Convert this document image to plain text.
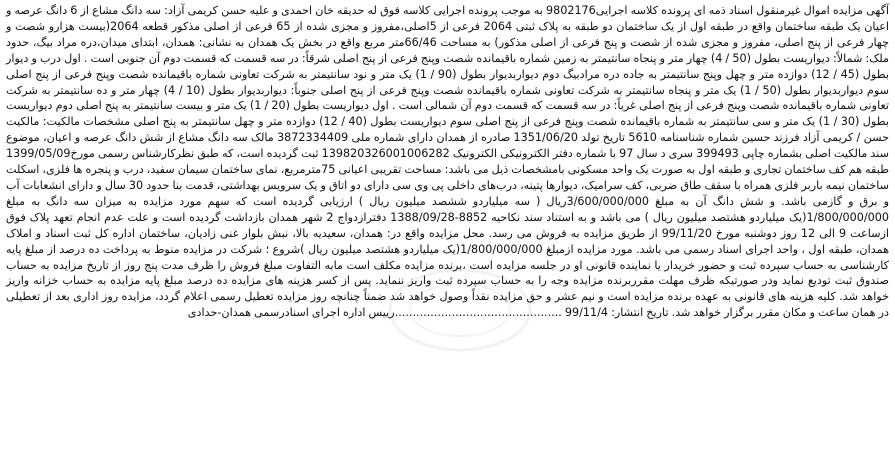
آگهی مزایده اموال غیرمنقول اسناد ذمه ای پرونده کلاسه اجرایی9802176 به موجب پرونده اجرایی کلاسه فوق له حدیقه خان احمدی و علیه حسن کریمی آزاد: سه دانگ مشاع از 6 دانگ عرصه و اعیان یک طبقه ساختمان واقع در طبقه اول از یک ساختمان دو طبقه به پلاک ثبتی 2064 فرعی از 5اصلی،مفروز و مجزی شده از 65 فرعی از اصلی مذکور قطعه 2064(بیست هزارو شصت و چهار فرعی از پنج اصلی، مفروز و مجزی شده از شصت و پنج فرعی از اصلی مذکور) به مساحت 66/46متر مربع واقع در بخش یک همدان به نشانی: همدان، ابتدای میدان،دره مراد بیگ، حدود ملک: شمالاً: دیواریست بطول (50 / 4) چهار متر و پنجاه سانتیمتر به زمین شماره باقیمانده شصت وپنج فرعی از پنج اصلی شرقاً: در سه قسمت که قسمت دوم آن جنوبی است . اول درب و دیوار بطول (45 / 12) دوازده متر و چهل وپنج سانتیمتر به جاده دره مرادبیگ دوم دیواربدیوار بطول (90 / 1) یک متر و نود سانتیمتر به شرکت تعاونی شماره باقیمانده شصت وپنج فرعی از پنج اصلی سوم دیواربدیوار بطول (50 / 1) یک متر و پنجاه سانتیمتر به شرکت تعاونی شماره باقیمانده شصت وپنج فرعی از پنج اصلی جنوباً: دیواربدیوار بطول (10 / 4) چهار متر و ده سانتیمتر به شرکت تعاونی شماره باقیمانده شصت وپنج فرعی از پنج اصلی غرباً: در سه قسمت که قسمت دوم آن شمالی است . اول دیواریست بطول (20 / 1) یک متر و بیست سانتیمتر به پنج اصلی دوم دیواریست بطول (30 / 1) یک متر و سی سانتیمتر به شماره باقیمانده شصت وپنج فرعی از پنج اصلی سوم دیواریست بطول (40 / 12) دوازده متر و چهل سانتیمتر به پنج اصلی مشخصات مالکیت: مالکیت حسن / کریمی آزاد فرزند حسین شماره شناسنامه 5610 تاریخ تولد 1351/06/20 صادره از همدان دارای شماره ملی 3872334409 مالک سه دانگ مشاع از شش دانگ عرصه و اعیان، موضوع سند مالکیت اصلی بشماره چاپی 399493 سری د سال 97 با شماره دفتر الکترونیکی الکترونیک 139820326001006282 ثبت گردیده است، که طبق نظرکارشناس رسمی مورخ1399/05/09 طبقه هم کف ساختمان تجاری و طبقه اول به صورت یک واحد مسکونی بامشخصات ذیل می باشد: مساحت تقریبی اعیانی 75مترمربع، نمای ساختمان سیمان سفید، درب و پنجره ها فلزی، اسکلت ساختمان نیمه باربر فلزی همراه با سقف طاق ضربی، کف سرامیک، دیوارها پتینه، درب‌های داخلی پی وی سی دارای دو اتاق و یک سرویس بهداشتی، قدمت بنا حدود 30 سال و دارای انشعابات آب و برق و گازمی باشد. و شش دانگ آن به مبلغ 3/600/000/000ریال ( سه میلیاردو ششصد میلیون ریال ) ارزیابی گردیده است که سهم مورد مزایده به میزان سه دانگ به مبلغ 1/800/000/000(یک میلیاردو هشتصد میلیون ریال ) می باشد و به استناد سند نکاحیه 8852-1388/09/28 دفترازدواج 2 شهر همدان بازداشت گردیده است و علت عدم انجام تعهد پلاک فوق ازساعت 9 الی 12 روز دوشنبه مورخ 99/11/20 از طریق مزایده به فروش می رسد. محل مزایده واقع در: همدان، سعیدیه بالا، نبش بلوار غنی زادیان، ساختمان اداره کل ثبت اسناد و املاک همدان، طبقه اول ، واحد اجرای اسناد رسمی می باشد. مورد مزایده ازمبلغ 1/800/000/000(یک میلیاردو هشتصد میلیون ریال )شروع ؛ شرکت در مزایده منوط به پرداخت ده درصد از مبلغ پایه کارشناسی به حساب سپرده ثبت و حضور خریدار یا نماینده قانونی او در جلسه مزایده است ،برنده مزایده مکلف است مابه التفاوت مبلغ فروش را ظرف مدت پنج روز از تاریخ مزایده به حساب صندوق ثبت تودیع نماید ودر صورتیکه ظرف مهلت مقرربرنده مزایده وجه را به حساب سپرده ثبت واریز ننماید. پس از کسر هزینه های مزایده ده درصد مبلغ پایه مزایده به حساب خزانه واریز خواهد شد. کلیه هزینه های قانونی به عهده برنده مزایده است و نیم عشر و حق مزایده نقداً وصول خواهد شد ضمناً چنانچه روز مزایده تعطیل رسمی اعلام گردد، مزایده روز اداری بعد از تعطیلی در همان ساعت و مکان مقرر برگزار خواهد شد. تاریخ انتشار: 99/11/4 ...............................................رییس اداره اجرای اسنادرسمی همدان-حدادی
